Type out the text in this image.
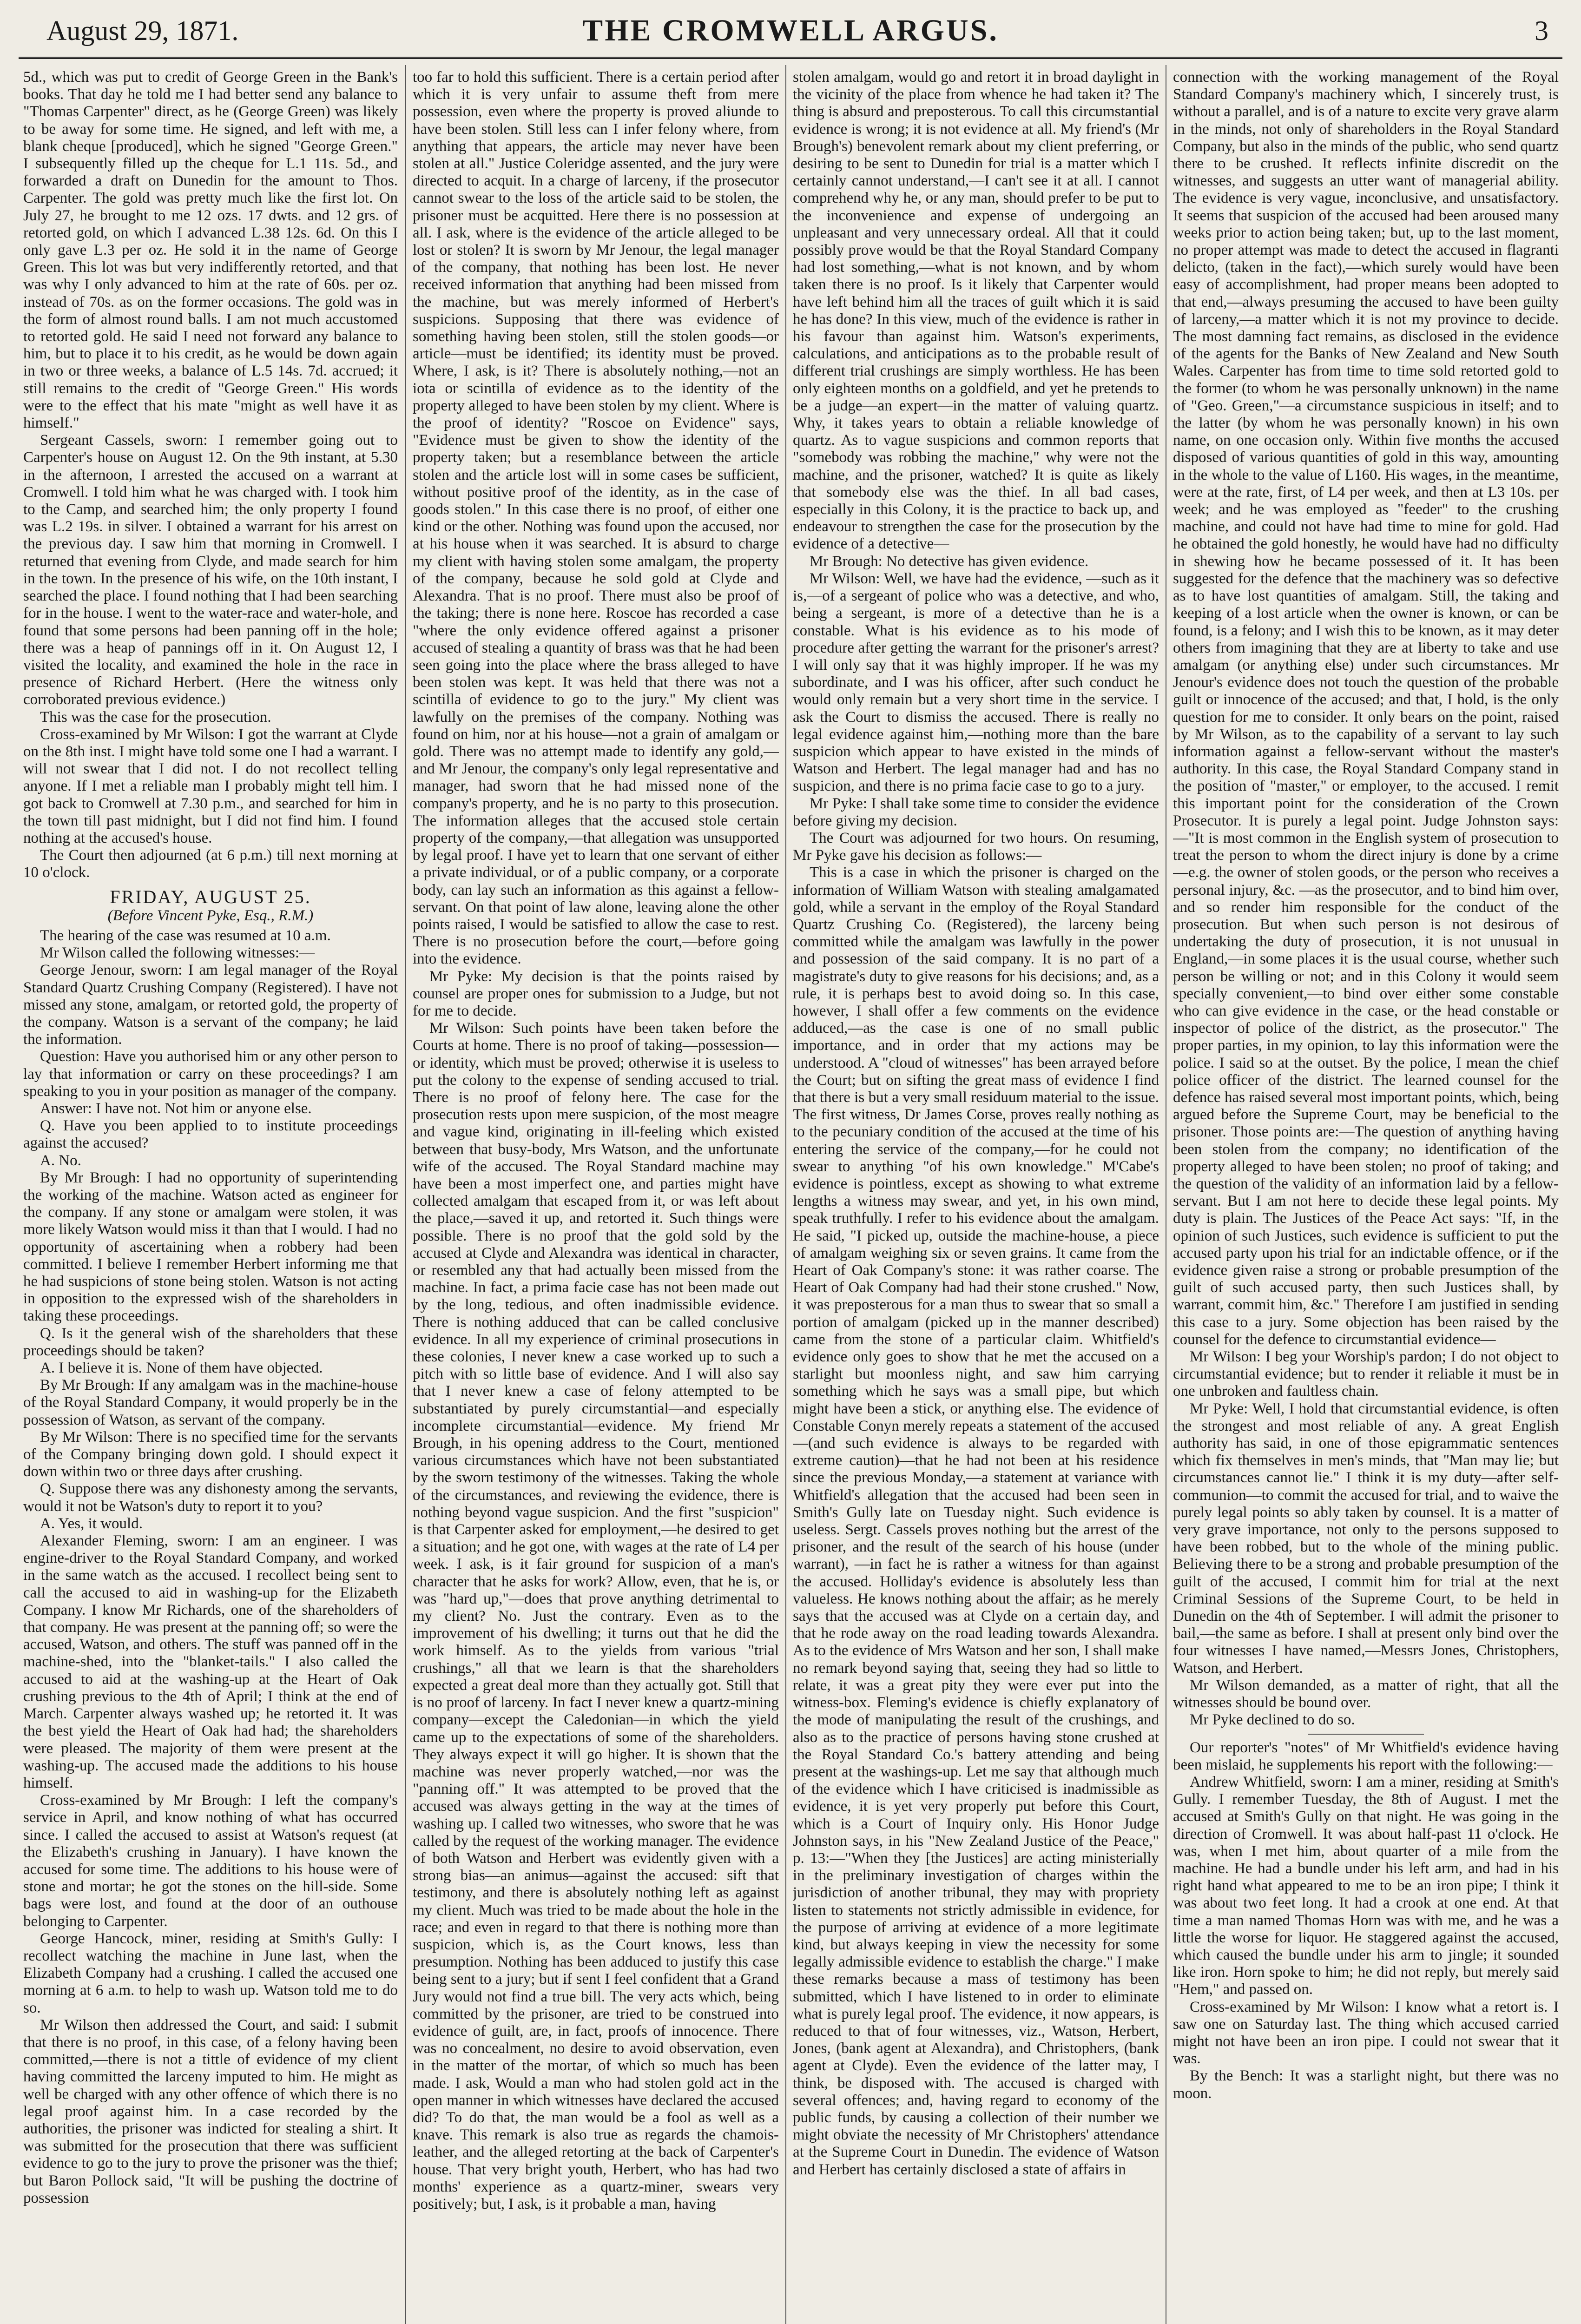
August 29, 1871.	THE CROMWELL ARGUS.	3

5d., which was put to credit of George Green in the Bank's books. That day he told me I had better send any balance to "Thomas Carpenter" direct, as he (George Green) was likely to be away for some time. He signed, and left with me, a blank cheque [produced], which he signed "George Green." I subsequently filled up the cheque for L.1 11s. 5d., and forwarded a draft on Dunedin for the amount to Thos. Carpenter. The gold was pretty much like the first lot. On July 27, he brought to me 12 ozs. 17 dwts. and 12 grs. of retorted gold, on which I advanced L.38 12s. 6d. On this I only gave L.3 per oz. He sold it in the name of George Green. This lot was but very indifferently retorted, and that was why I only advanced to him at the rate of 60s. per oz. instead of 70s. as on the former occasions. The gold was in the form of almost round balls. I am not much accustomed to retorted gold. He said I need not forward any balance to him, but to place it to his credit, as he would be down again in two or three weeks, a balance of L.5 14s. 7d. accrued; it still remains to the credit of "George Green." His words were to the effect that his mate "might as well have it as himself."

Sergeant Cassels, sworn: I remember going out to Carpenter's house on August 12. On the 9th instant, at 5.30 in the afternoon, I arrested the accused on a warrant at Cromwell. I told him what he was charged with. I took him to the Camp, and searched him; the only property I found was L.2 19s. in silver. I obtained a warrant for his arrest on the previous day. I saw him that morning in Cromwell. I returned that evening from Clyde, and made search for him in the town. In the presence of his wife, on the 10th instant, I searched the place. I found nothing that I had been searching for in the house. I went to the water-race and water-hole, and found that some persons had been panning off in the hole; there was a heap of pannings off in it. On August 12, I visited the locality, and examined the hole in the race in presence of Richard Herbert. (Here the witness only corroborated previous evidence.)

This was the case for the prosecution.

Cross-examined by Mr Wilson: I got the warrant at Clyde on the 8th inst. I might have told some one I had a warrant. I will not swear that I did not. I do not recollect telling anyone. If I met a reliable man I probably might tell him. I got back to Cromwell at 7.30 p.m., and searched for him in the town till past midnight, but I did not find him. I found nothing at the accused's house.

The Court then adjourned (at 6 p.m.) till next morning at 10 o'clock.

FRIDAY, AUGUST 25.

(Before Vincent Pyke, Esq., R.M.)

The hearing of the case was resumed at 10 a.m.

Mr Wilson called the following witnesses:—

George Jenour, sworn: I am legal manager of the Royal Standard Quartz Crushing Company (Registered). I have not missed any stone, amalgam, or retorted gold, the property of the company. Watson is a servant of the company; he laid the information.

Question: Have you authorised him or any other person to lay that information or carry on these proceedings? I am speaking to you in your position as manager of the company.

Answer: I have not. Not him or anyone else.

Q. Have you been applied to to institute proceedings against the accused?

A. No.

By Mr Brough: I had no opportunity of superintending the working of the machine. Watson acted as engineer for the company. If any stone or amalgam were stolen, it was more likely Watson would miss it than that I would. I had no opportunity of ascertaining when a robbery had been committed. I believe I remember Herbert informing me that he had suspicions of stone being stolen. Watson is not acting in opposition to the expressed wish of the shareholders in taking these proceedings.

Q. Is it the general wish of the shareholders that these proceedings should be taken?

A. I believe it is. None of them have objected.

By Mr Brough: If any amalgam was in the machine-house of the Royal Standard Company, it would properly be in the possession of Watson, as servant of the company.

By Mr Wilson: There is no specified time for the servants of the Company bringing down gold. I should expect it down within two or three days after crushing.

Q. Suppose there was any dishonesty among the servants, would it not be Watson's duty to report it to you?

A. Yes, it would.

Alexander Fleming, sworn: I am an engineer. I was engine-driver to the Royal Standard Company, and worked in the same watch as the accused. I recollect being sent to call the accused to aid in washing-up for the Elizabeth Company. I know Mr Richards, one of the shareholders of that company. He was present at the panning off; so were the accused, Watson, and others. The stuff was panned off in the machine-shed, into the "blanket-tails." I also called the accused to aid at the washing-up at the Heart of Oak crushing previous to the 4th of April; I think at the end of March. Carpenter always washed up; he retorted it. It was the best yield the Heart of Oak had had; the shareholders were pleased. The majority of them were present at the washing-up. The accused made the additions to his house himself.

Cross-examined by Mr Brough: I left the company's service in April, and know nothing of what has occurred since. I called the accused to assist at Watson's request (at the Elizabeth's crushing in January). I have known the accused for some time. The additions to his house were of stone and mortar; he got the stones on the hill-side. Some bags were lost, and found at the door of an outhouse belonging to Carpenter.

George Hancock, miner, residing at Smith's Gully: I recollect watching the machine in June last, when the Elizabeth Company had a crushing. I called the accused one morning at 6 a.m. to help to wash up. Watson told me to do so.

Mr Wilson then addressed the Court, and said: I submit that there is no proof, in this case, of a felony having been committed,—there is not a tittle of evidence of my client having committed the larceny imputed to him. He might as well be charged with any other offence of which there is no legal proof against him. In a case recorded by the authorities, the prisoner was indicted for stealing a shirt. It was submitted for the prosecution that there was sufficient evidence to go to the jury to prove the prisoner was the thief; but Baron Pollock said, "It will be pushing the doctrine of possession

too far to hold this sufficient. There is a certain period after which it is very unfair to assume theft from mere possession, even where the property is proved aliunde to have been stolen. Still less can I infer felony where, from anything that appears, the article may never have been stolen at all." Justice Coleridge assented, and the jury were directed to acquit. In a charge of larceny, if the prosecutor cannot swear to the loss of the article said to be stolen, the prisoner must be acquitted. Here there is no possession at all. I ask, where is the evidence of the article alleged to be lost or stolen? It is sworn by Mr Jenour, the legal manager of the company, that nothing has been lost. He never received information that anything had been missed from the machine, but was merely informed of Herbert's suspicions. Supposing that there was evidence of something having been stolen, still the stolen goods—or article—must be identified; its identity must be proved. Where, I ask, is it? There is absolutely nothing,—not an iota or scintilla of evidence as to the identity of the property alleged to have been stolen by my client. Where is the proof of identity? "Roscoe on Evidence" says, "Evidence must be given to show the identity of the property taken; but a resemblance between the article stolen and the article lost will in some cases be sufficient, without positive proof of the identity, as in the case of goods stolen." In this case there is no proof, of either one kind or the other. Nothing was found upon the accused, nor at his house when it was searched. It is absurd to charge my client with having stolen some amalgam, the property of the company, because he sold gold at Clyde and Alexandra. That is no proof. There must also be proof of the taking; there is none here. Roscoe has recorded a case "where the only evidence offered against a prisoner accused of stealing a quantity of brass was that he had been seen going into the place where the brass alleged to have been stolen was kept. It was held that there was not a scintilla of evidence to go to the jury." My client was lawfully on the premises of the company. Nothing was found on him, nor at his house—not a grain of amalgam or gold. There was no attempt made to identify any gold,—and Mr Jenour, the company's only legal representative and manager, had sworn that he had missed none of the company's property, and he is no party to this prosecution. The information alleges that the accused stole certain property of the company,—that allegation was unsupported by legal proof. I have yet to learn that one servant of either a private individual, or of a public company, or a corporate body, can lay such an information as this against a fellow-servant. On that point of law alone, leaving alone the other points raised, I would be satisfied to allow the case to rest. There is no prosecution before the court,—before going into the evidence.

Mr Pyke: My decision is that the points raised by counsel are proper ones for submission to a Judge, but not for me to decide.

Mr Wilson: Such points have been taken before the Courts at home. There is no proof of taking—possession—or identity, which must be proved; otherwise it is useless to put the colony to the expense of sending accused to trial. There is no proof of felony here. The case for the prosecution rests upon mere suspicion, of the most meagre and vague kind, originating in ill-feeling which existed between that busy-body, Mrs Watson, and the unfortunate wife of the accused. The Royal Standard machine may have been a most imperfect one, and parties might have collected amalgam that escaped from it, or was left about the place,—saved it up, and retorted it. Such things were possible. There is no proof that the gold sold by the accused at Clyde and Alexandra was identical in character, or resembled any that had actually been missed from the machine. In fact, a prima facie case has not been made out by the long, tedious, and often inadmissible evidence. There is nothing adduced that can be called conclusive evidence. In all my experience of criminal prosecutions in these colonies, I never knew a case worked up to such a pitch with so little base of evidence. And I will also say that I never knew a case of felony attempted to be substantiated by purely circumstantial—and especially incomplete circumstantial—evidence. My friend Mr Brough, in his opening address to the Court, mentioned various circumstances which have not been substantiated by the sworn testimony of the witnesses. Taking the whole of the circumstances, and reviewing the evidence, there is nothing beyond vague suspicion. And the first "suspicion" is that Carpenter asked for employment,—he desired to get a situation; and he got one, with wages at the rate of L4 per week. I ask, is it fair ground for suspicion of a man's character that he asks for work? Allow, even, that he is, or was "hard up,"—does that prove anything detrimental to my client? No. Just the contrary. Even as to the improvement of his dwelling; it turns out that he did the work himself. As to the yields from various "trial crushings," all that we learn is that the shareholders expected a great deal more than they actually got. Still that is no proof of larceny. In fact I never knew a quartz-mining company—except the Caledonian—in which the yield came up to the expectations of some of the shareholders. They always expect it will go higher. It is shown that the machine was never properly watched,—nor was the "panning off." It was attempted to be proved that the accused was always getting in the way at the times of washing up. I called two witnesses, who swore that he was called by the request of the working manager. The evidence of both Watson and Herbert was evidently given with a strong bias—an animus—against the accused: sift that testimony, and there is absolutely nothing left as against my client. Much was tried to be made about the hole in the race; and even in regard to that there is nothing more than suspicion, which is, as the Court knows, less than presumption. Nothing has been adduced to justify this case being sent to a jury; but if sent I feel confident that a Grand Jury would not find a true bill. The very acts which, being committed by the prisoner, are tried to be construed into evidence of guilt, are, in fact, proofs of innocence. There was no concealment, no desire to avoid observation, even in the matter of the mortar, of which so much has been made. I ask, Would a man who had stolen gold act in the open manner in which witnesses have declared the accused did? To do that, the man would be a fool as well as a knave. This remark is also true as regards the chamois-leather, and the alleged retorting at the back of Carpenter's house. That very bright youth, Herbert, who has had two months' experience as a quartz-miner, swears very positively; but, I ask, is it probable a man, having

stolen amalgam, would go and retort it in broad daylight in the vicinity of the place from whence he had taken it? The thing is absurd and preposterous. To call this circumstantial evidence is wrong; it is not evidence at all. My friend's (Mr Brough's) benevolent remark about my client preferring, or desiring to be sent to Dunedin for trial is a matter which I certainly cannot understand,—I can't see it at all. I cannot comprehend why he, or any man, should prefer to be put to the inconvenience and expense of undergoing an unpleasant and very unnecessary ordeal. All that it could possibly prove would be that the Royal Standard Company had lost something,—what is not known, and by whom taken there is no proof. Is it likely that Carpenter would have left behind him all the traces of guilt which it is said he has done? In this view, much of the evidence is rather in his favour than against him. Watson's experiments, calculations, and anticipations as to the probable result of different trial crushings are simply worthless. He has been only eighteen months on a goldfield, and yet he pretends to be a judge—an expert—in the matter of valuing quartz. Why, it takes years to obtain a reliable knowledge of quartz. As to vague suspicions and common reports that "somebody was robbing the machine," why were not the machine, and the prisoner, watched? It is quite as likely that somebody else was the thief. In all bad cases, especially in this Colony, it is the practice to back up, and endeavour to strengthen the case for the prosecution by the evidence of a detective—

Mr Brough: No detective has given evidence.

Mr Wilson: Well, we have had the evidence, —such as it is,—of a sergeant of police who was a detective, and who, being a sergeant, is more of a detective than he is a constable. What is his evidence as to his mode of procedure after getting the warrant for the prisoner's arrest? I will only say that it was highly improper. If he was my subordinate, and I was his officer, after such conduct he would only remain but a very short time in the service. I ask the Court to dismiss the accused. There is really no legal evidence against him,—nothing more than the bare suspicion which appear to have existed in the minds of Watson and Herbert. The legal manager had and has no suspicion, and there is no prima facie case to go to a jury.

Mr Pyke: I shall take some time to consider the evidence before giving my decision.

The Court was adjourned for two hours. On resuming, Mr Pyke gave his decision as follows:—

This is a case in which the prisoner is charged on the information of William Watson with stealing amalgamated gold, while a servant in the employ of the Royal Standard Quartz Crushing Co. (Registered), the larceny being committed while the amalgam was lawfully in the power and possession of the said company. It is no part of a magistrate's duty to give reasons for his decisions; and, as a rule, it is perhaps best to avoid doing so. In this case, however, I shall offer a few comments on the evidence adduced,—as the case is one of no small public importance, and in order that my actions may be understood. A "cloud of witnesses" has been arrayed before the Court; but on sifting the great mass of evidence I find that there is but a very small residuum material to the issue. The first witness, Dr James Corse, proves really nothing as to the pecuniary condition of the accused at the time of his entering the service of the company,—for he could not swear to anything "of his own knowledge." M'Cabe's evidence is pointless, except as showing to what extreme lengths a witness may swear, and yet, in his own mind, speak truthfully. I refer to his evidence about the amalgam. He said, "I picked up, outside the machine-house, a piece of amalgam weighing six or seven grains. It came from the Heart of Oak Company's stone: it was rather coarse. The Heart of Oak Company had had their stone crushed." Now, it was preposterous for a man thus to swear that so small a portion of amalgam (picked up in the manner described) came from the stone of a particular claim. Whitfield's evidence only goes to show that he met the accused on a starlight but moonless night, and saw him carrying something which he says was a small pipe, but which might have been a stick, or anything else. The evidence of Constable Conyn merely repeats a statement of the accused—(and such evidence is always to be regarded with extreme caution)—that he had not been at his residence since the previous Monday,—a statement at variance with Whitfield's allegation that the accused had been seen in Smith's Gully late on Tuesday night. Such evidence is useless. Sergt. Cassels proves nothing but the arrest of the prisoner, and the result of the search of his house (under warrant), —in fact he is rather a witness for than against the accused. Holliday's evidence is absolutely less than valueless. He knows nothing about the affair; as he merely says that the accused was at Clyde on a certain day, and that he rode away on the road leading towards Alexandra. As to the evidence of Mrs Watson and her son, I shall make no remark beyond saying that, seeing they had so little to relate, it was a great pity they were ever put into the witness-box. Fleming's evidence is chiefly explanatory of the mode of manipulating the result of the crushings, and also as to the practice of persons having stone crushed at the Royal Standard Co.'s battery attending and being present at the washings-up. Let me say that although much of the evidence which I have criticised is inadmissible as evidence, it is yet very properly put before this Court, which is a Court of Inquiry only. His Honor Judge Johnston says, in his "New Zealand Justice of the Peace," p. 13:—"When they [the Justices] are acting ministerially in the preliminary investigation of charges within the jurisdiction of another tribunal, they may with propriety listen to statements not strictly admissible in evidence, for the purpose of arriving at evidence of a more legitimate kind, but always keeping in view the necessity for some legally admissible evidence to establish the charge." I make these remarks because a mass of testimony has been submitted, which I have listened to in order to eliminate what is purely legal proof. The evidence, it now appears, is reduced to that of four witnesses, viz., Watson, Herbert, Jones, (bank agent at Alexandra), and Christophers, (bank agent at Clyde). Even the evidence of the latter may, I think, be disposed with. The accused is charged with several offences; and, having regard to economy of the public funds, by causing a collection of their number we might obviate the necessity of Mr Christophers' attendance at the Supreme Court in Dunedin. The evidence of Watson and Herbert has certainly disclosed a state of affairs in

connection with the working management of the Royal Standard Company's machinery which, I sincerely trust, is without a parallel, and is of a nature to excite very grave alarm in the minds, not only of shareholders in the Royal Standard Company, but also in the minds of the public, who send quartz there to be crushed. It reflects infinite discredit on the witnesses, and suggests an utter want of managerial ability. The evidence is very vague, inconclusive, and unsatisfactory. It seems that suspicion of the accused had been aroused many weeks prior to action being taken; but, up to the last moment, no proper attempt was made to detect the accused in flagranti delicto, (taken in the fact),—which surely would have been easy of accomplishment, had proper means been adopted to that end,—always presuming the accused to have been guilty of larceny,—a matter which it is not my province to decide. The most damning fact remains, as disclosed in the evidence of the agents for the Banks of New Zealand and New South Wales. Carpenter has from time to time sold retorted gold to the former (to whom he was personally unknown) in the name of "Geo. Green,"—a circumstance suspicious in itself; and to the latter (by whom he was personally known) in his own name, on one occasion only. Within five months the accused disposed of various quantities of gold in this way, amounting in the whole to the value of L160. His wages, in the meantime, were at the rate, first, of L4 per week, and then at L3 10s. per week; and he was employed as "feeder" to the crushing machine, and could not have had time to mine for gold. Had he obtained the gold honestly, he would have had no difficulty in shewing how he became possessed of it. It has been suggested for the defence that the machinery was so defective as to have lost quantities of amalgam. Still, the taking and keeping of a lost article when the owner is known, or can be found, is a felony; and I wish this to be known, as it may deter others from imagining that they are at liberty to take and use amalgam (or anything else) under such circumstances. Mr Jenour's evidence does not touch the question of the probable guilt or innocence of the accused; and that, I hold, is the only question for me to consider. It only bears on the point, raised by Mr Wilson, as to the capability of a servant to lay such information against a fellow-servant without the master's authority. In this case, the Royal Standard Company stand in the position of "master," or employer, to the accused. I remit this important point for the consideration of the Crown Prosecutor. It is purely a legal point. Judge Johnston says:—"It is most common in the English system of prosecution to treat the person to whom the direct injury is done by a crime—e.g. the owner of stolen goods, or the person who receives a personal injury, &c. —as the prosecutor, and to bind him over, and so render him responsible for the conduct of the prosecution. But when such person is not desirous of undertaking the duty of prosecution, it is not unusual in England,—in some places it is the usual course, whether such person be willing or not; and in this Colony it would seem specially convenient,—to bind over either some constable who can give evidence in the case, or the head constable or inspector of police of the district, as the prosecutor." The proper parties, in my opinion, to lay this information were the police. I said so at the outset. By the police, I mean the chief police officer of the district. The learned counsel for the defence has raised several most important points, which, being argued before the Supreme Court, may be beneficial to the prisoner. Those points are:—The question of anything having been stolen from the company; no identification of the property alleged to have been stolen; no proof of taking; and the question of the validity of an information laid by a fellow-servant. But I am not here to decide these legal points. My duty is plain. The Justices of the Peace Act says: "If, in the opinion of such Justices, such evidence is sufficient to put the accused party upon his trial for an indictable offence, or if the evidence given raise a strong or probable presumption of the guilt of such accused party, then such Justices shall, by warrant, commit him, &c." Therefore I am justified in sending this case to a jury. Some objection has been raised by the counsel for the defence to circumstantial evidence—

Mr Wilson: I beg your Worship's pardon; I do not object to circumstantial evidence; but to render it reliable it must be in one unbroken and faultless chain.

Mr Pyke: Well, I hold that circumstantial evidence, is often the strongest and most reliable of any. A great English authority has said, in one of those epigrammatic sentences which fix themselves in men's minds, that "Man may lie; but circumstances cannot lie." I think it is my duty—after self-communion—to commit the accused for trial, and to waive the purely legal points so ably taken by counsel. It is a matter of very grave importance, not only to the persons supposed to have been robbed, but to the whole of the mining public. Believing there to be a strong and probable presumption of the guilt of the accused, I commit him for trial at the next Criminal Sessions of the Supreme Court, to be held in Dunedin on the 4th of September. I will admit the prisoner to bail,—the same as before. I shall at present only bind over the four witnesses I have named,—Messrs Jones, Christophers, Watson, and Herbert.

Mr Wilson demanded, as a matter of right, that all the witnesses should be bound over.

Mr Pyke declined to do so.

Our reporter's "notes" of Mr Whitfield's evidence having been mislaid, he supplements his report with the following:—

Andrew Whitfield, sworn: I am a miner, residing at Smith's Gully. I remember Tuesday, the 8th of August. I met the accused at Smith's Gully on that night. He was going in the direction of Cromwell. It was about half-past 11 o'clock. He was, when I met him, about quarter of a mile from the machine. He had a bundle under his left arm, and had in his right hand what appeared to me to be an iron pipe; I think it was about two feet long. It had a crook at one end. At that time a man named Thomas Horn was with me, and he was a little the worse for liquor. He staggered against the accused, which caused the bundle under his arm to jingle; it sounded like iron. Horn spoke to him; he did not reply, but merely said "Hem," and passed on.

Cross-examined by Mr Wilson: I know what a retort is. I saw one on Saturday last. The thing which accused carried might not have been an iron pipe. I could not swear that it was.

By the Bench: It was a starlight night, but there was no moon.
